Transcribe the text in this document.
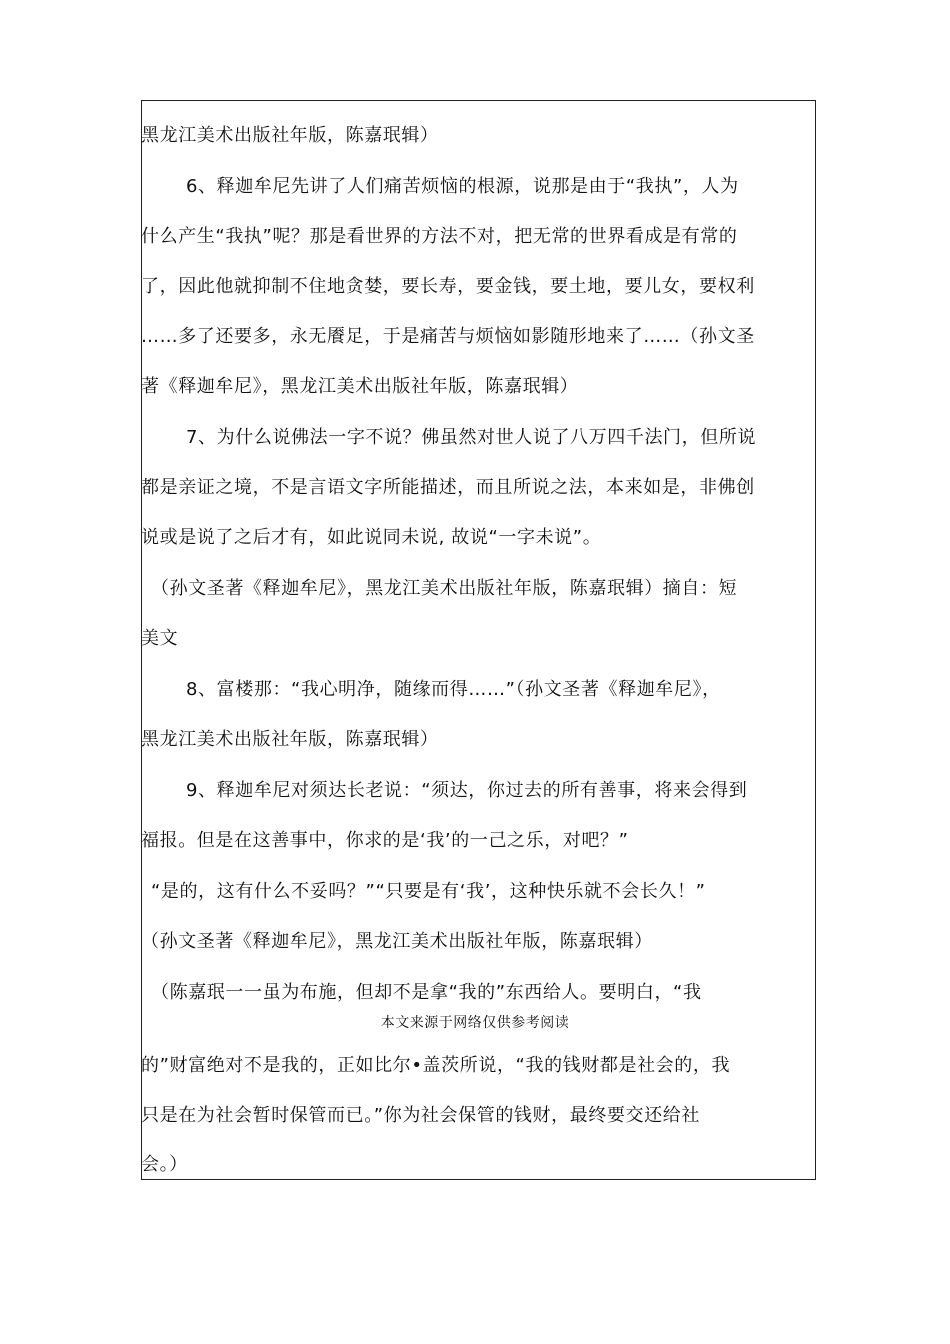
黑龙江美术出版社年版，陈嘉珉辑）
6、释迦牟尼先讲了人们痛苦烦恼的根源，说那是由于“我执”，人为
什么产生“我执”呢？那是看世界的方法不对，把无常的世界看成是有常的
了，因此他就抑制不住地贪婪，要长寿，要金钱，要土地，要儿女，要权利
……多了还要多，永无餍足，于是痛苦与烦恼如影随形地来了……（孙文圣
著《释迦牟尼》，黑龙江美术出版社年版，陈嘉珉辑）
7、为什么说佛法一字不说？佛虽然对世人说了八万四千法门，但所说
都是亲证之境，不是言语文字所能描述，而且所说之法，本来如是，非佛创
说或是说了之后才有，如此说同未说, 故说“一字未说”。
（孙文圣著《释迦牟尼》，黑龙江美术出版社年版，陈嘉珉辑）摘自：短
美文
8、富楼那：“我心明净，随缘而得……”（孙文圣著《释迦牟尼》，
黑龙江美术出版社年版，陈嘉珉辑）
9、释迦牟尼对须达长老说：“须达，你过去的所有善事，将来会得到
福报。但是在这善事中，你求的是‘我’的一己之乐，对吧？”
“是的，这有什么不妥吗？”“只要是有‘我’，这种快乐就不会长久！”
（孙文圣著《释迦牟尼》，黑龙江美术出版社年版，陈嘉珉辑）
（陈嘉珉一一虽为布施，但却不是拿“我的”东西给人。要明白，“我
本文来源于网络仅供参考阅读
的”财富绝对不是我的，正如比尔•盖茨所说，“我的钱财都是社会的，我
只是在为社会暂时保管而已。”你为社会保管的钱财，最终要交还给社
会。）
